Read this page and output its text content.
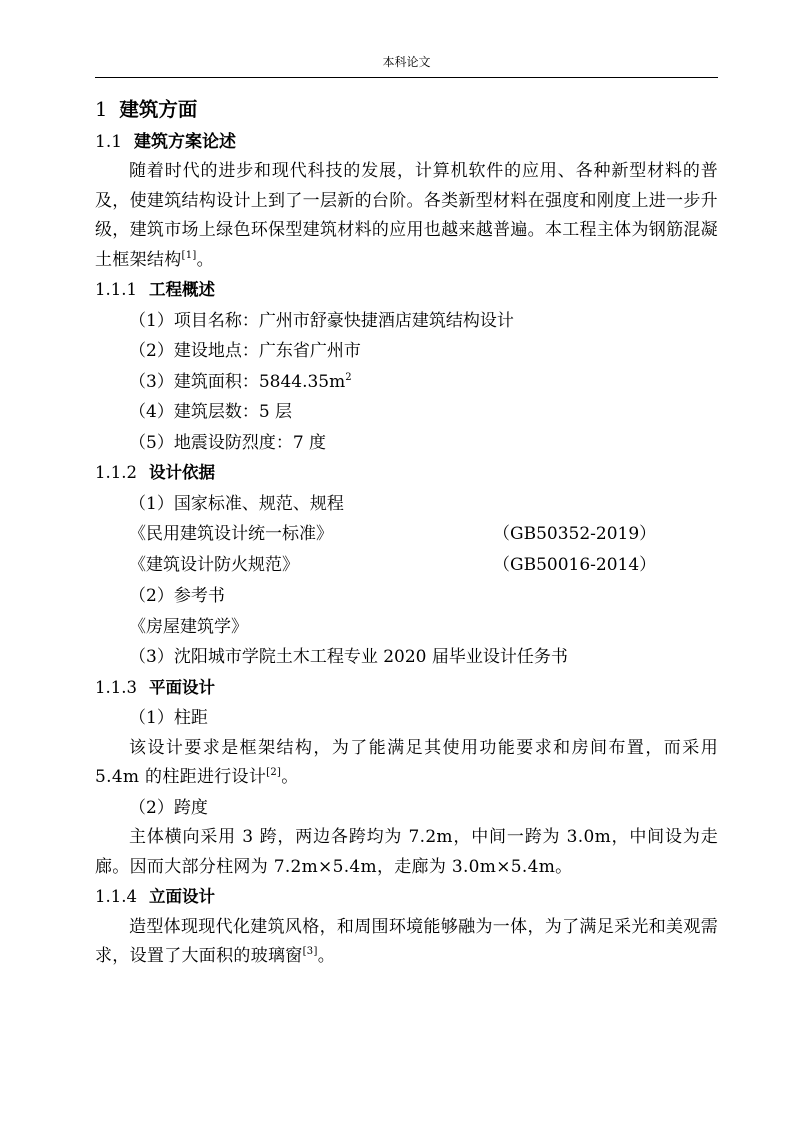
本科论文
1 建筑方面
1.1 建筑方案论述
随着时代的进步和现代科技的发展，计算机软件的应用、各种新型材料的普及，使建筑结构设计上到了一层新的台阶。各类新型材料在强度和刚度上进一步升级，建筑市场上绿色环保型建筑材料的应用也越来越普遍。本工程主体为钢筋混凝土框架结构[1]。
1.1.1 工程概述
（1）项目名称：广州市舒豪快捷酒店建筑结构设计
（2）建设地点：广东省广州市
（3）建筑面积：$5844.35m^2$
（4）建筑层数：5 层
（5）地震设防烈度：7 度
1.1.2 设计依据
（1）国家标准、规范、规程
《民用建筑设计统一标准》	（GB50352-2019）
《建筑设计防火规范》	（GB50016-2014）
（2）参考书
《房屋建筑学》
（3）沈阳城市学院土木工程专业 2020 届毕业设计任务书
1.1.3 平面设计
（1）柱距
该设计要求是框架结构，为了能满足其使用功能要求和房间布置，而采用 5.4m 的柱距进行设计[2]。
（2）跨度
主体横向采用 3 跨，两边各跨均为 7.2m，中间一跨为 3.0m，中间设为走廊。因而大部分柱网为 7.2m×5.4m，走廊为 3.0m×5.4m。
1.1.4 立面设计
造型体现现代化建筑风格，和周围环境能够融为一体，为了满足采光和美观需求，设置了大面积的玻璃窗[3]。
